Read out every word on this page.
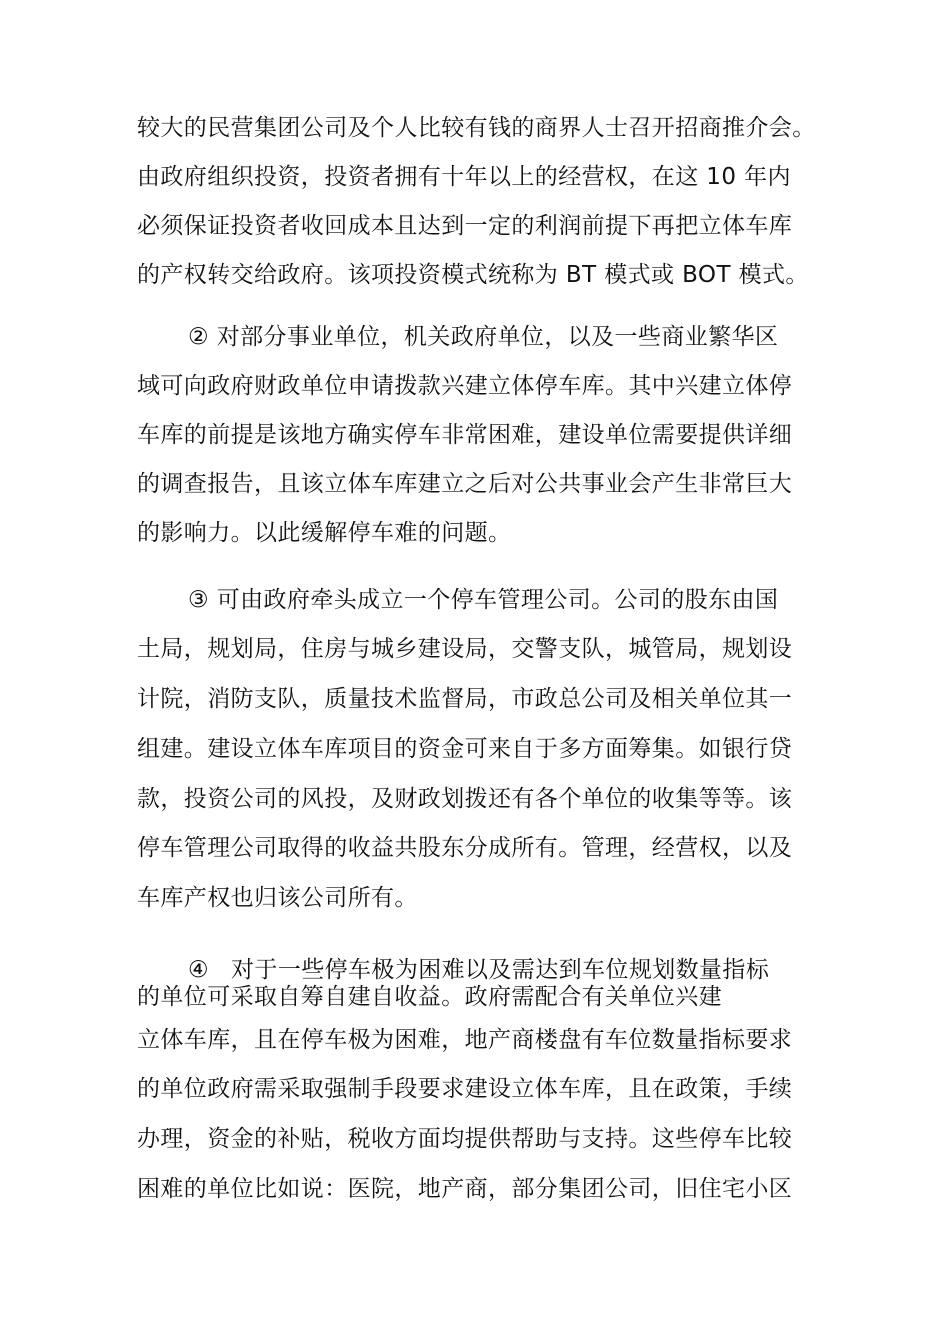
较大的民营集团公司及个人比较有钱的商界人士召开招商推介会。
由政府组织投资，投资者拥有十年以上的经营权，在这 10 年内
必须保证投资者收回成本且达到一定的利润前提下再把立体车库
的产权转交给政府。该项投资模式统称为 BT 模式或 BOT 模式。
② 对部分事业单位，机关政府单位，以及一些商业繁华区
域可向政府财政单位申请拨款兴建立体停车库。其中兴建立体停
车库的前提是该地方确实停车非常困难，建设单位需要提供详细
的调查报告，且该立体车库建立之后对公共事业会产生非常巨大
的影响力。以此缓解停车难的问题。
③ 可由政府牵头成立一个停车管理公司。公司的股东由国
土局，规划局，住房与城乡建设局，交警支队，城管局，规划设
计院，消防支队，质量技术监督局，市政总公司及相关单位其一
组建。建设立体车库项目的资金可来自于多方面筹集。如银行贷
款，投资公司的风投，及财政划拨还有各个单位的收集等等。该
停车管理公司取得的收益共股东分成所有。管理，经营权，以及
车库产权也归该公司所有。
④ 对于一些停车极为困难以及需达到车位规划数量指标
的单位可采取自筹自建自收益。政府需配合有关单位兴建
立体车库，且在停车极为困难，地产商楼盘有车位数量指标要求
的单位政府需采取强制手段要求建设立体车库，且在政策，手续
办理，资金的补贴，税收方面均提供帮助与支持。这些停车比较
困难的单位比如说：医院，地产商，部分集团公司，旧住宅小区
